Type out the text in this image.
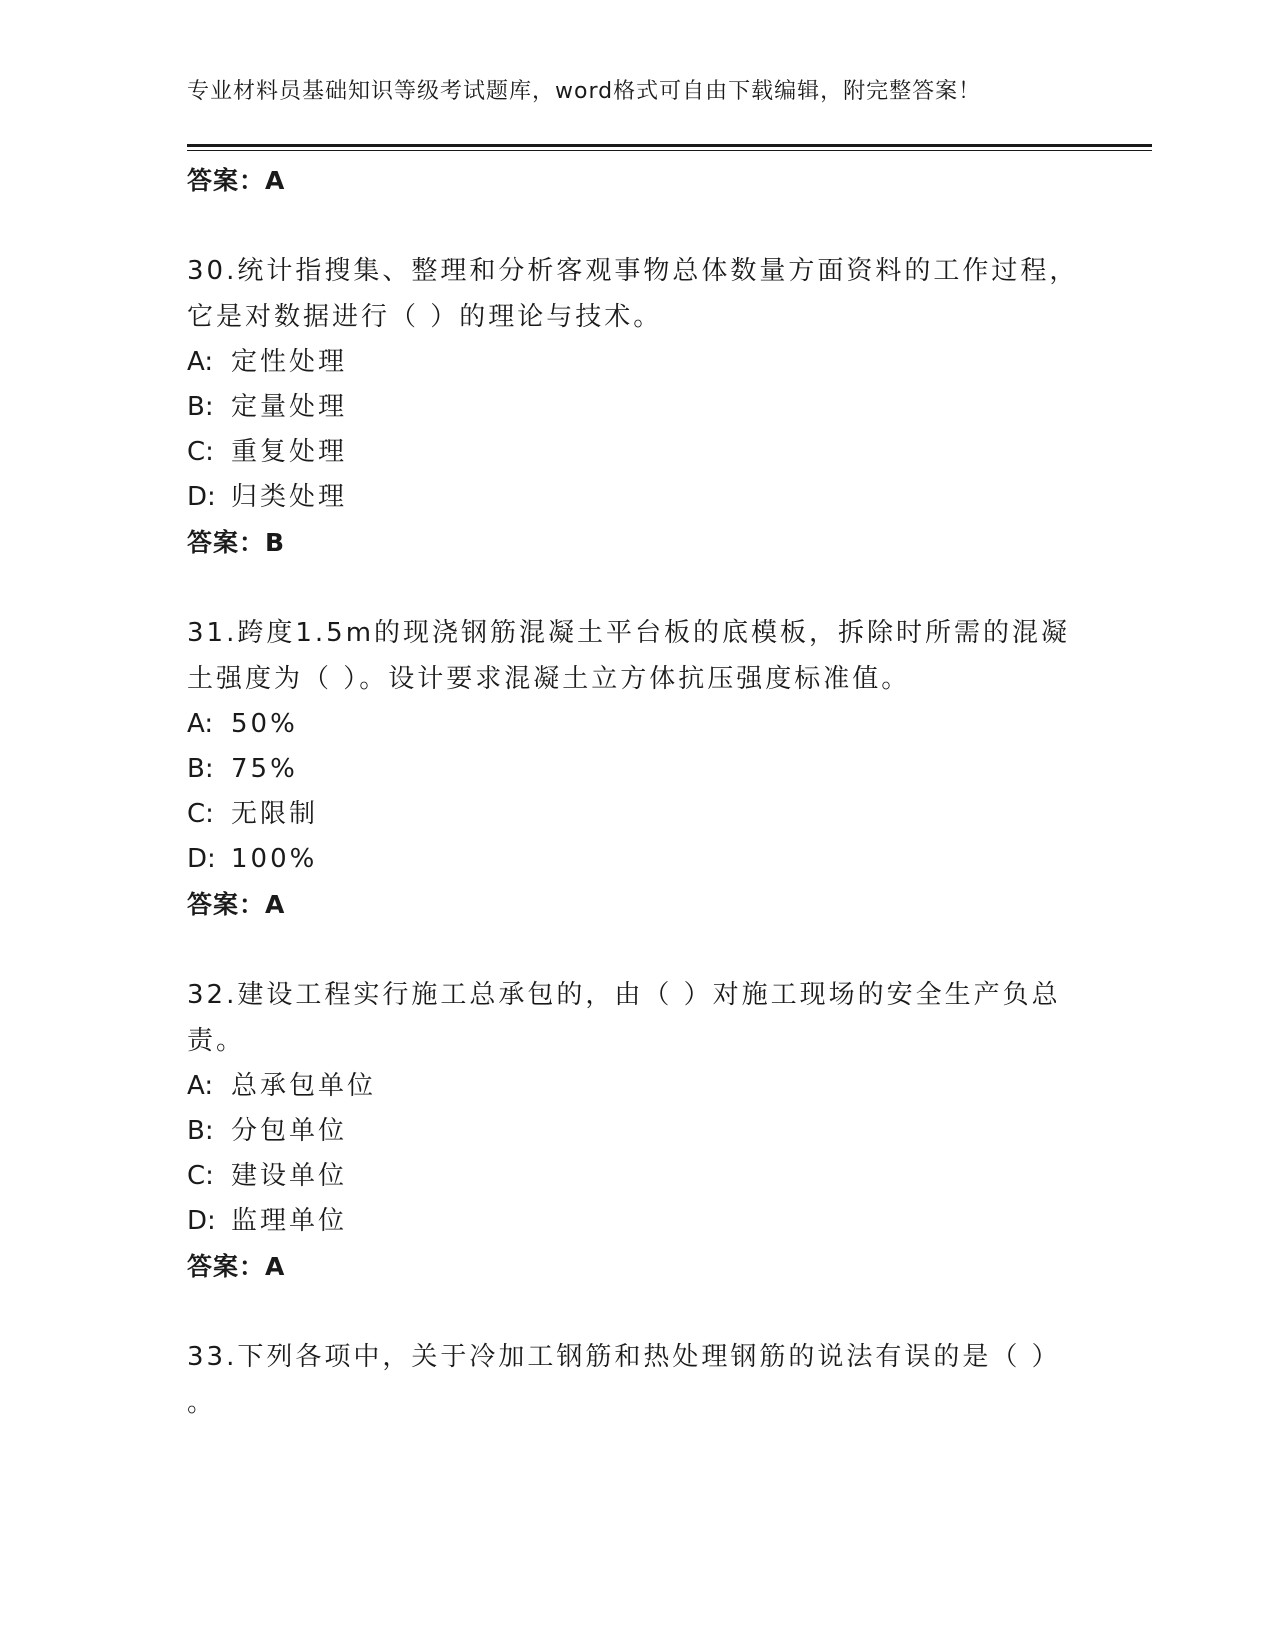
专业材料员基础知识等级考试题库，word格式可自由下载编辑，附完整答案！
答案：A
30.统计指搜集、整理和分析客观事物总体数量方面资料的工作过程，
它是对数据进行（ ）的理论与技术。
A: 定性处理
B: 定量处理
C: 重复处理
D: 归类处理
答案：B
31.跨度1.5m的现浇钢筋混凝土平台板的底模板，拆除时所需的混凝
土强度为（ ）。设计要求混凝土立方体抗压强度标准值。
A: 50%
B: 75%
C: 无限制
D: 100%
答案：A
32.建设工程实行施工总承包的，由（ ）对施工现场的安全生产负总
责。
A: 总承包单位
B: 分包单位
C: 建设单位
D: 监理单位
答案：A
33.下列各项中，关于冷加工钢筋和热处理钢筋的说法有误的是（ ）
。
